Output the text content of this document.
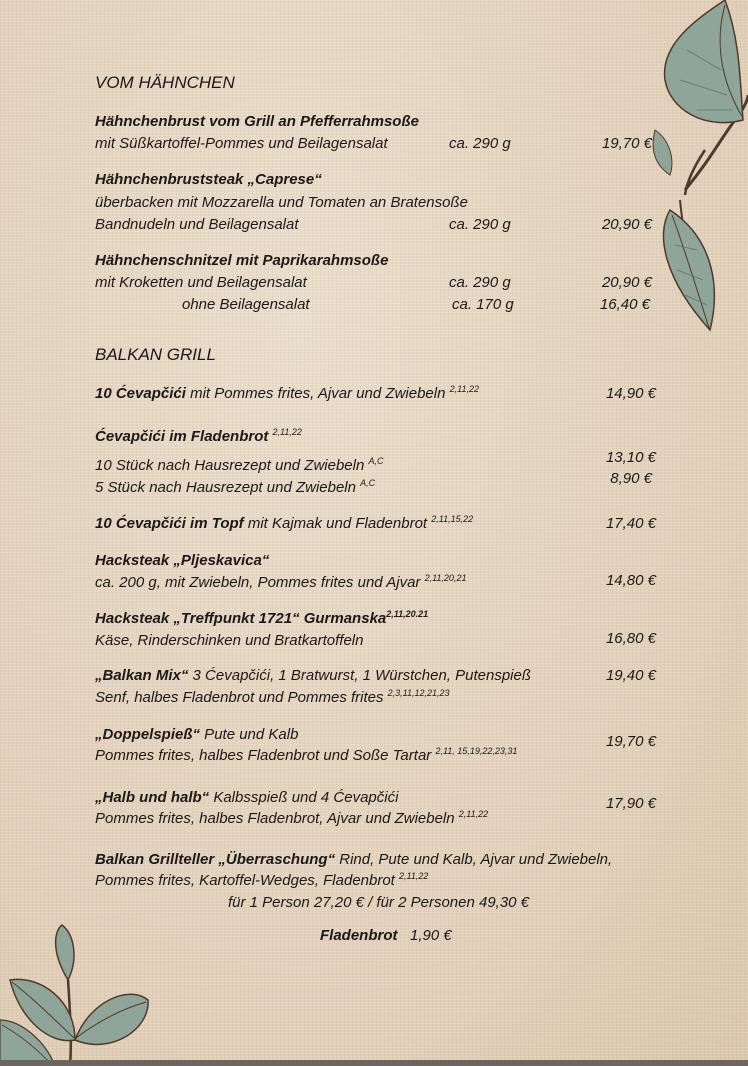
VOM HÄHNCHEN
Hähnchenbrust vom Grill an Pfefferrahmsoße
mit Süßkartoffel-Pommes und Beilagensalat	ca. 290 g	19,70 €
Hähnchenbruststeak „Caprese“
überbacken mit Mozzarella und Tomaten an Bratensoße
Bandnudeln und Beilagensalat	ca. 290 g	20,90 €
Hähnchenschnitzel mit Paprikarahmsoße
mit Kroketten und Beilagensalat	ca. 290 g	20,90 €
ohne Beilagensalat	ca. 170 g	16,40 €
BALKAN GRILL
10 Ćevapčići mit Pommes frites, Ajvar und Zwiebeln $^{2,11,22}$	14,90 €
Ćevapčići im Fladenbrot $^{2,11,22}$
10 Stück nach Hausrezept und Zwiebeln $^{A,C}$	13,10 €
5 Stück nach Hausrezept und Zwiebeln $^{A,C}$	8,90 €
10 Ćevapčići im Topf mit Kajmak und Fladenbrot $^{2,11,15,22}$	17,40 €
Hacksteak „Pljeskavica“
ca. 200 g, mit Zwiebeln, Pommes frites und Ajvar $^{2,11,20,21}$	14,80 €
Hacksteak „Treffpunkt 1721“ Gurmanska$^{2,11,20.21}$
Käse, Rinderschinken und Bratkartoffeln	16,80 €
„Balkan Mix“ 3 Ćevapčići, 1 Bratwurst, 1 Würstchen, Putenspieß	19,40 €
Senf, halbes Fladenbrot und Pommes frites $^{2,3,11,12,21,23}$
„Doppelspieß“ Pute und Kalb
Pommes frites, halbes Fladenbrot und Soße Tartar $^{2,11, 15,19,22,23,31}$
19,70 €
„Halb und halb“ Kalbsspieß und 4 Ćevapčići
Pommes frites, halbes Fladenbrot, Ajvar und Zwiebeln $^{2,11,22}$
17,90 €
Balkan Grillteller „Überraschung“ Rind, Pute und Kalb, Ajvar und Zwiebeln,
Pommes frites, Kartoffel-Wedges, Fladenbrot $^{2,11,22}$
für 1 Person 27,20 € / für 2 Personen 49,30 €
Fladenbrot 1,90 €
